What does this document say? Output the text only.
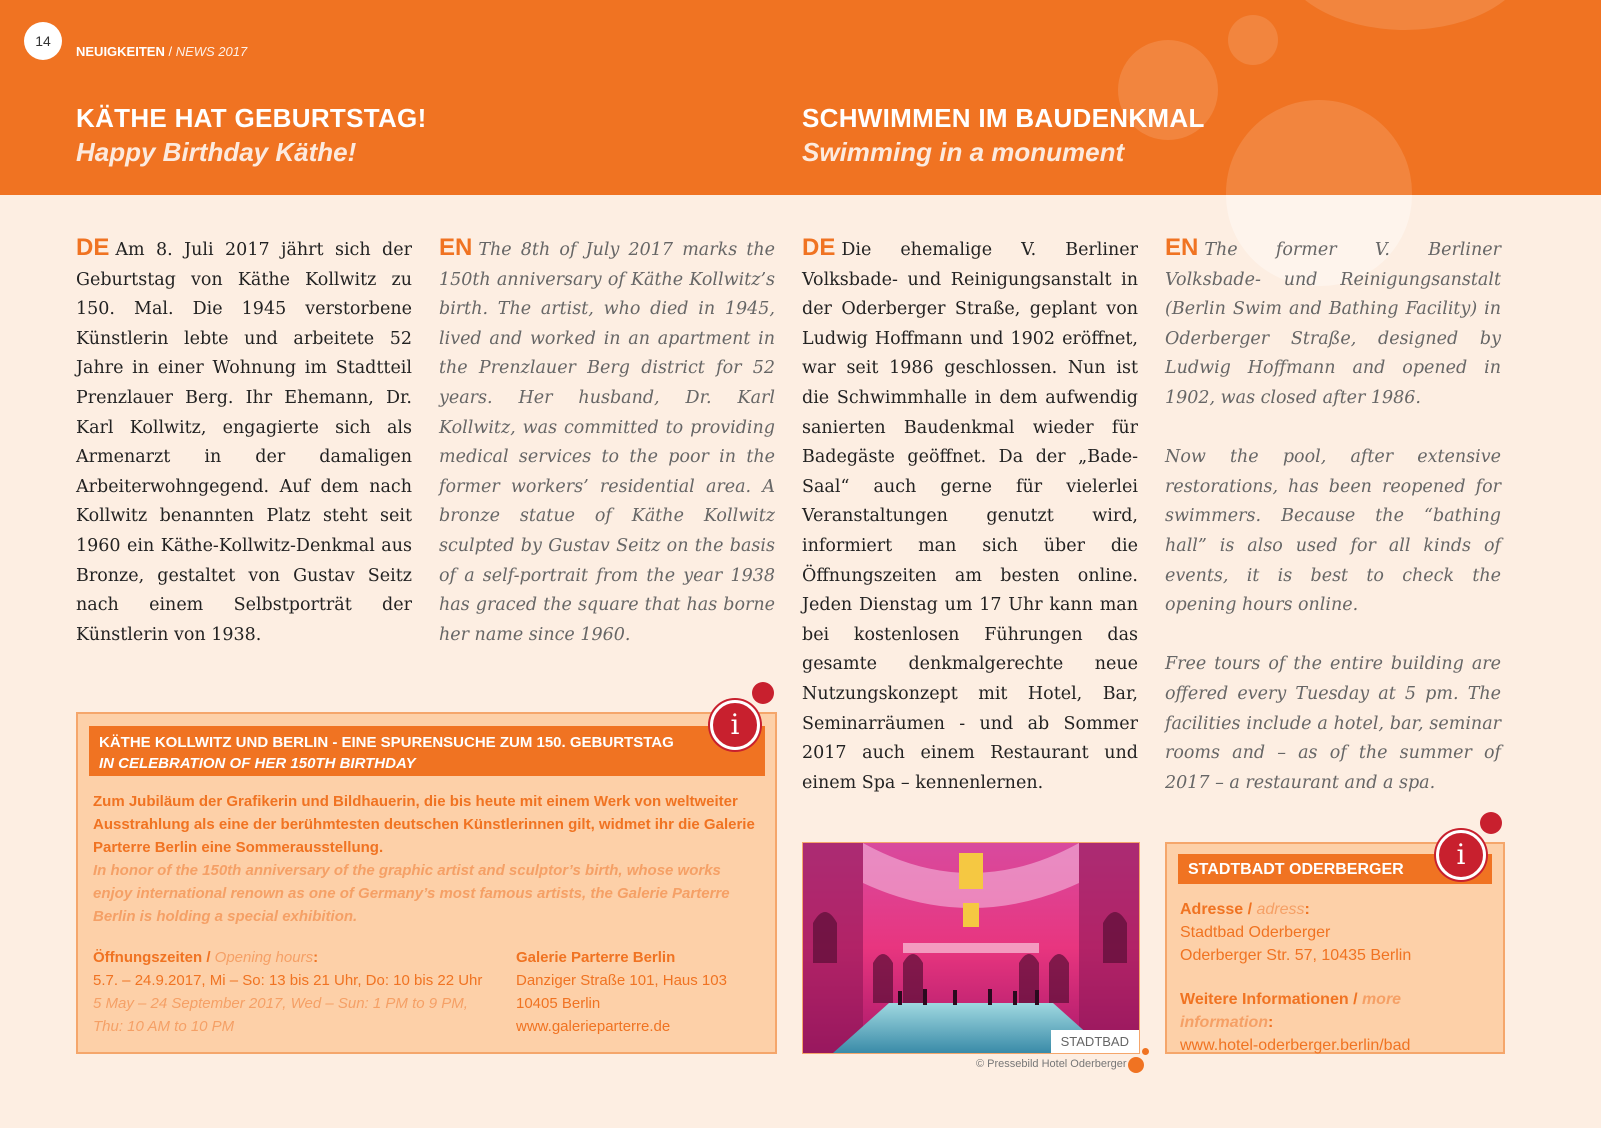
14
NEUIGKEITEN / NEWS 2017
KÄTHE HAT GEBURTSTAG!
Happy Birthday Käthe!
SCHWIMMEN IM BAUDENKMAL
Swimming in a monument
DE Am 8. Juli 2017 jährt sich der Geburtstag von Käthe Kollwitz zu 150. Mal. Die 1945 verstorbene Künstlerin lebte und arbeitete 52 Jahre in einer Wohnung im Stadtteil Prenzlauer Berg. Ihr Ehemann, Dr. Karl Kollwitz, engagierte sich als Armenarzt in der damaligen Arbeiterwohngegend. Auf dem nach Kollwitz benannten Platz steht seit 1960 ein Käthe-Kollwitz-Denkmal aus Bronze, gestaltet von Gustav Seitz nach einem Selbstporträt der Künstlerin von 1938.
EN The 8th of July 2017 marks the 150th anniversary of Käthe Kollwitz’s birth. The artist, who died in 1945, lived and worked in an apartment in the Prenzlauer Berg district for 52 years. Her husband, Dr. Karl Kollwitz, was committed to providing medical services to the poor in the former workers’ residential area. A bronze statue of Käthe Kollwitz sculpted by Gustav Seitz on the basis of a self-portrait from the year 1938 has graced the square that has borne her name since 1960.
DE Die ehemalige V. Berliner Volksbade- und Reinigungsanstalt in der Oderberger Straße, geplant von Ludwig Hoffmann und 1902 eröffnet, war seit 1986 geschlossen. Nun ist die Schwimmhalle in dem aufwendig sanierten Baudenkmal wieder für Badegäste geöffnet. Da der „Bade-Saal“ auch gerne für vielerlei Veranstaltungen genutzt wird, informiert man sich über die Öffnungszeiten am besten online. Jeden Dienstag um 17 Uhr kann man bei kostenlosen Führungen das gesamte denkmalgerechte neue Nutzungskonzept mit Hotel, Bar, Seminarräumen - und ab Sommer 2017 auch einem Restaurant und einem Spa – kennenlernen.

EN The former V. Berliner Volksbade- und Reinigungsanstalt (Berlin Swim and Bathing Facility) in Oderberger Straße, designed by Ludwig Hoffmann and opened in 1902, was closed after 1986.

Now the pool, after extensive restorations, has been reopened for swimmers. Because the “bathing hall” is also used for all kinds of events, it is best to check the opening hours online.

Free tours of the entire building are offered every Tuesday at 5 pm. The facilities include a hotel, bar, seminar rooms and – as of the summer of 2017 – a restaurant and a spa.

KÄTHE KOLLWITZ UND BERLIN - EINE SPURENSUCHE ZUM 150. GEBURTSTAG
IN CELEBRATION OF HER 150TH BIRTHDAY
Zum Jubiläum der Grafikerin und Bildhauerin, die bis heute mit einem Werk von weltweiter Ausstrahlung als eine der berühmtesten deutschen Künstlerinnen gilt, widmet ihr die Galerie Parterre Berlin eine Sommerausstellung.
In honor of the 150th anniversary of the graphic artist and sculptor’s birth, whose works enjoy international renown as one of Germany’s most famous artists, the Galerie Parterre Berlin is holding a special exhibition.
Öffnungszeiten / Opening hours:
5.7. – 24.9.2017, Mi – So: 13 bis 21 Uhr, Do: 10 bis 22 Uhr
5 May – 24 September 2017, Wed – Sun: 1 PM to 9 PM,
Thu: 10 AM to 10 PM
Galerie Parterre Berlin
Danziger Straße 101, Haus 103
10405 Berlin
www.galerieparterre.de
i
STADTBAD
© Pressebild Hotel Oderberger
STADTBADT ODERBERGER
Adresse / adress:
Stadtbad Oderberger
Oderberger Str. 57, 10435 Berlin
Weitere Informationen / more information:
www.hotel-oderberger.berlin/bad
i
